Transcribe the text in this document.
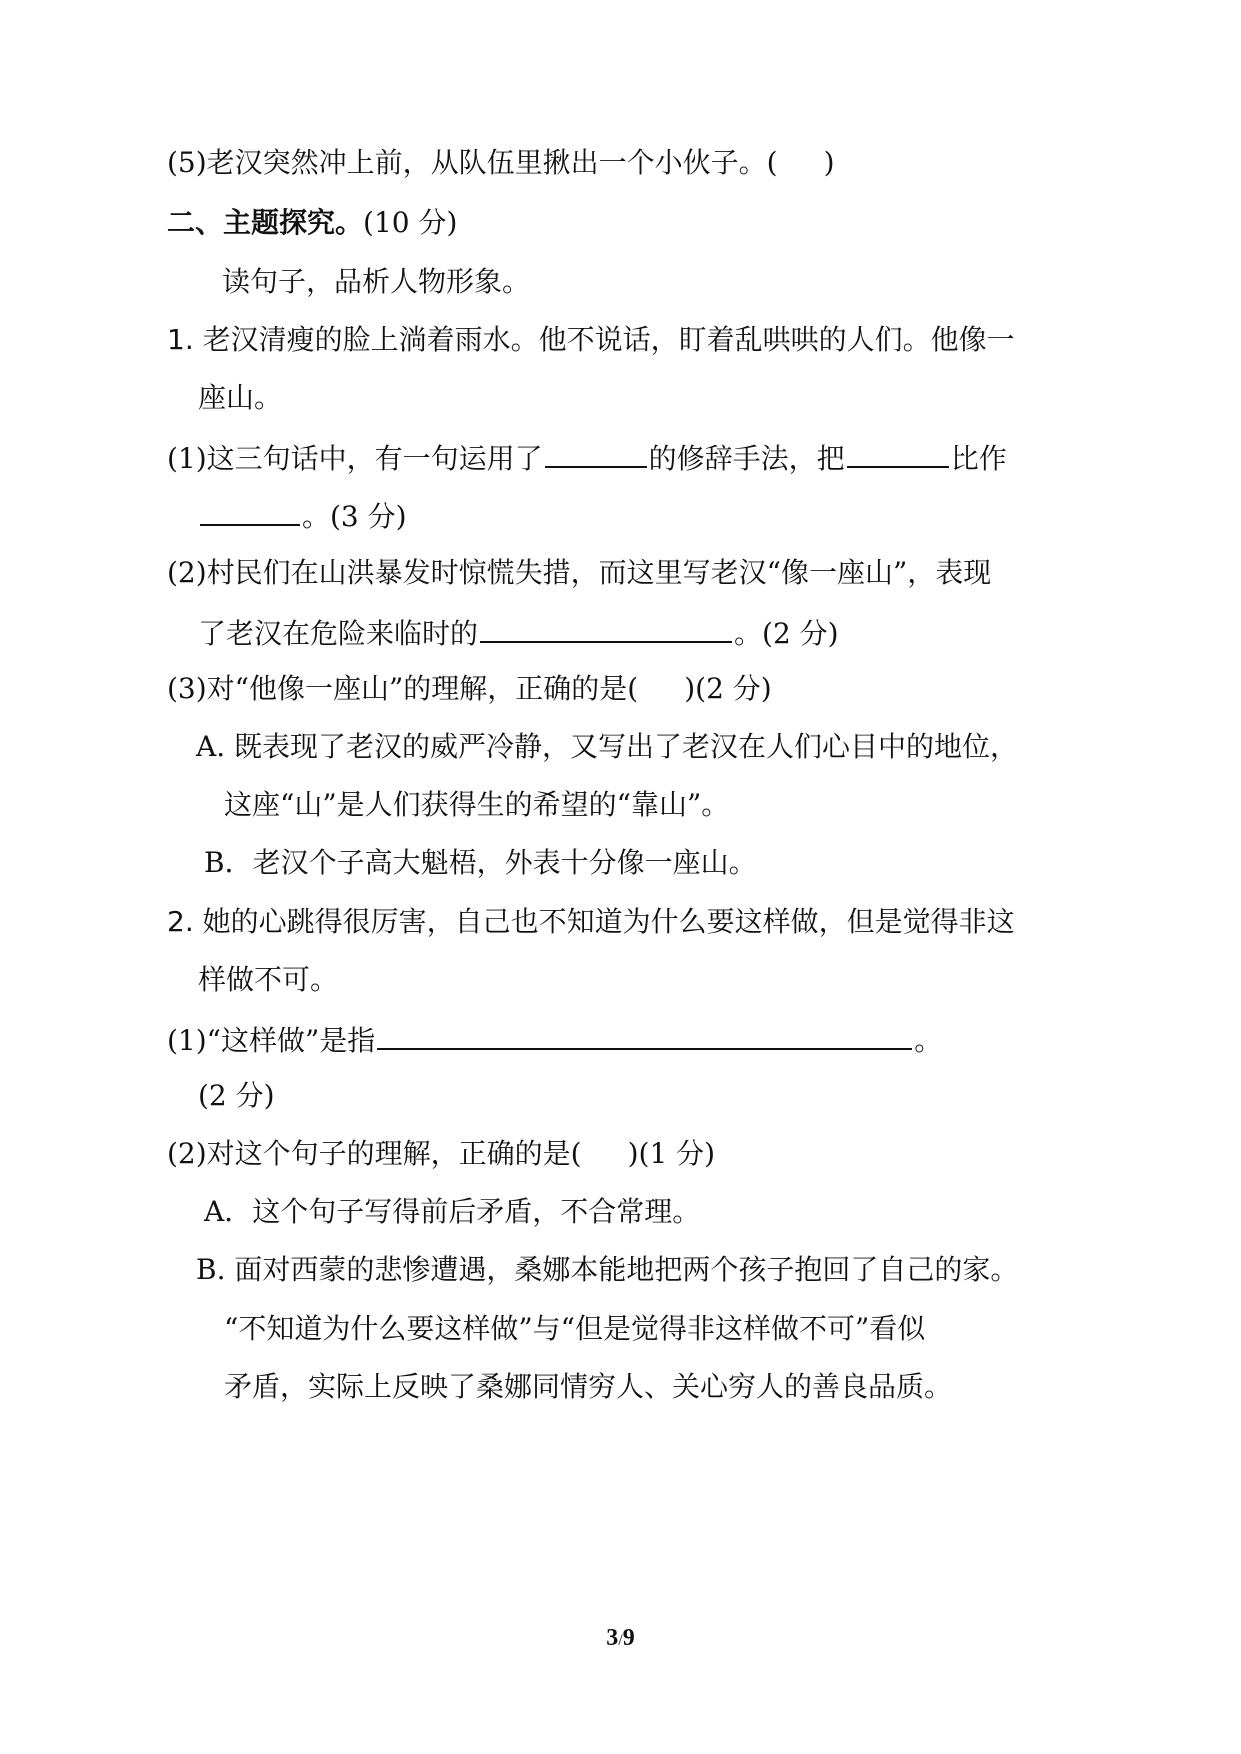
(5)老汉突然冲上前，从队伍里揪出一个小伙子。( )
二、主题探究。(10 分)
读句子，品析人物形象。
1. 老汉清瘦的脸上淌着雨水。他不说话，盯着乱哄哄的人们。他像一
座山。
(1)这三句话中，有一句运用了	的修辞手法，把	比作
。(3 分)
(2)村民们在山洪暴发时惊慌失措，而这里写老汉“像一座山”，表现
了老汉在危险来临时的	。(2 分)
(3)对“他像一座山”的理解，正确的是( )(2 分)
A. 既表现了老汉的威严冷静，又写出了老汉在人们心目中的地位，
这座“山”是人们获得生的希望的“靠山”。
B．老汉个子高大魁梧，外表十分像一座山。
2. 她的心跳得很厉害，自己也不知道为什么要这样做，但是觉得非这
样做不可。
(1)“这样做”是指	。
(2 分)
(2)对这个句子的理解，正确的是( )(1 分)
A．这个句子写得前后矛盾，不合常理。
B. 面对西蒙的悲惨遭遇，桑娜本能地把两个孩子抱回了自己的家。
“不知道为什么要这样做”与“但是觉得非这样做不可”看似
矛盾，实际上反映了桑娜同情穷人、关心穷人的善良品质。
3/9
